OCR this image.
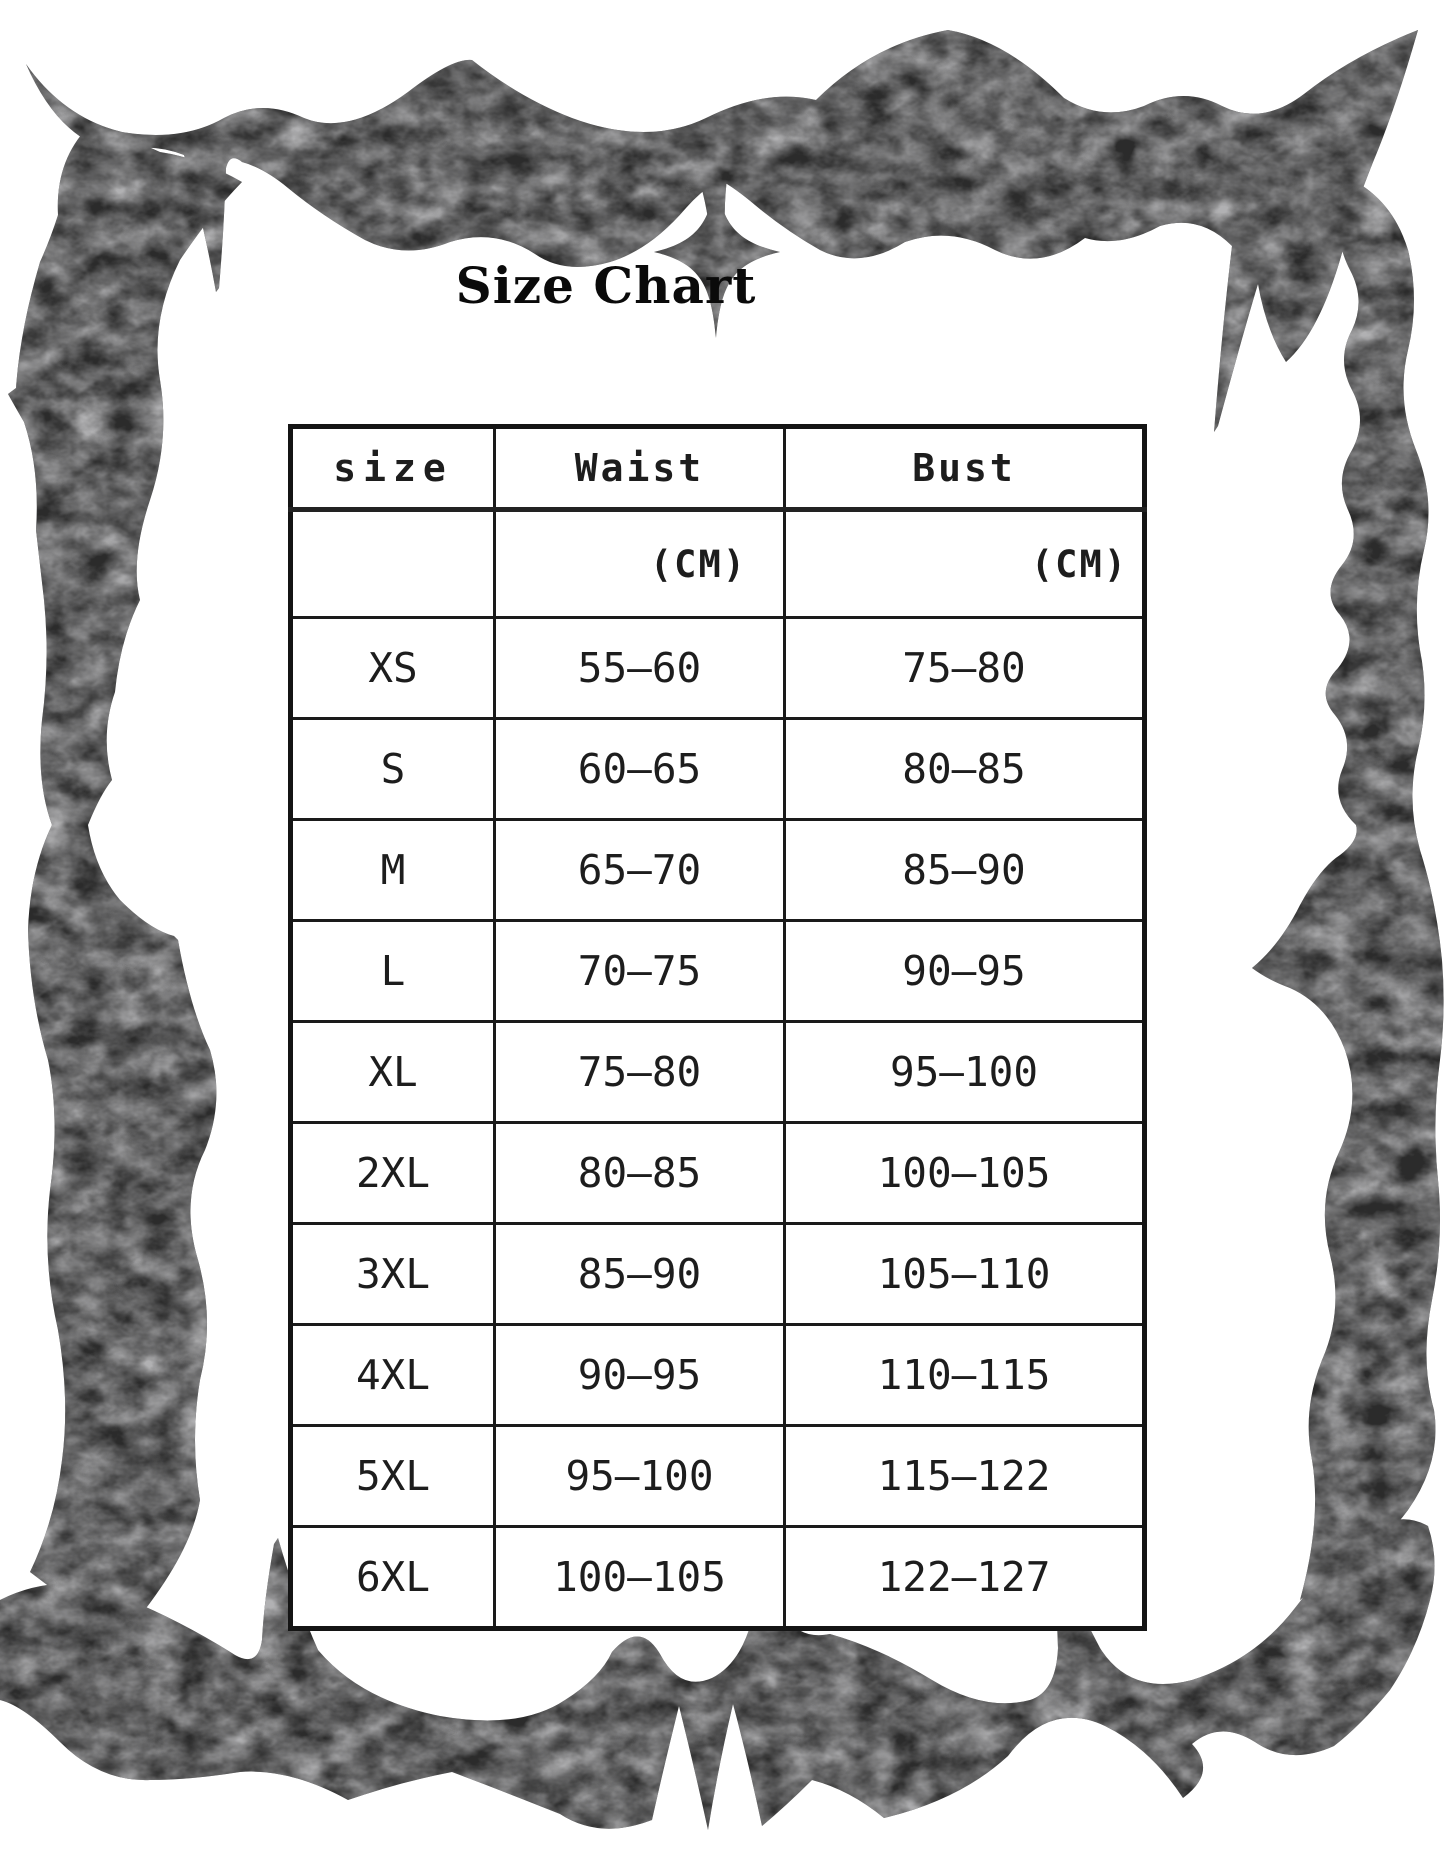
Size Chart
size	Waist	Bust
	(CM)	(CM)
XS	55–60	75–80
S	60–65	80–85
M	65–70	85–90
L	70–75	90–95
XL	75–80	95–100
2XL	80–85	100–105
3XL	85–90	105–110
4XL	90–95	110–115
5XL	95–100	115–122
6XL	100–105	122–127
